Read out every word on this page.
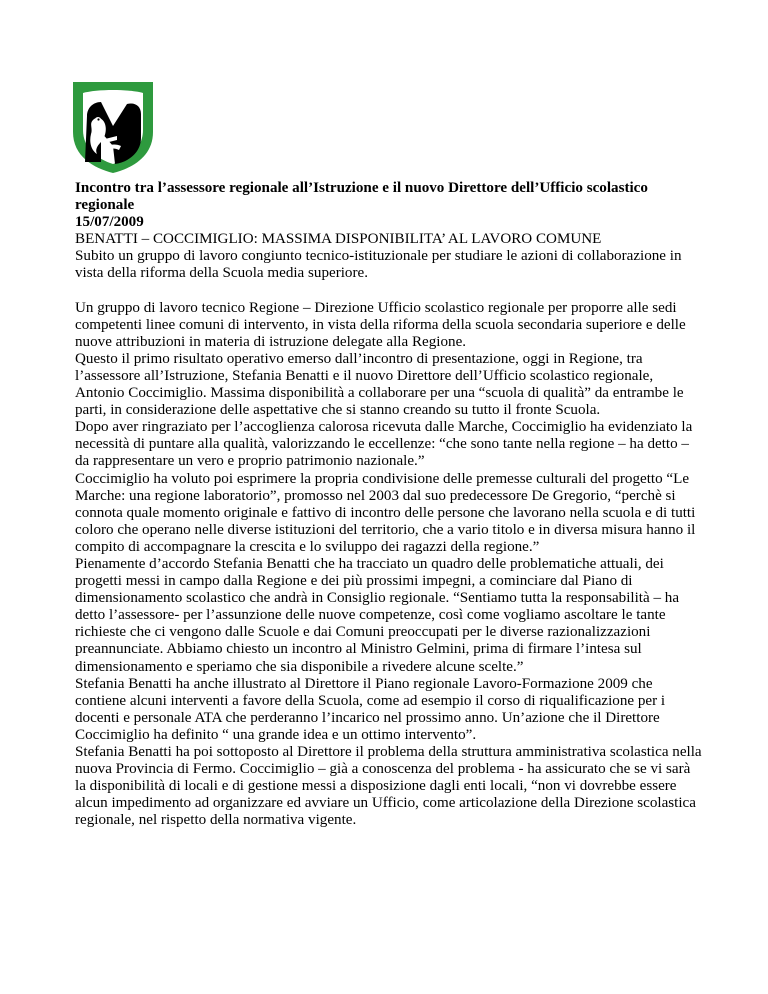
Incontro tra l’assessore regionale all’Istruzione e il nuovo Direttore dell’Ufficio scolastico regionale

15/07/2009

BENATTI – COCCIMIGLIO: MASSIMA DISPONIBILITA’ AL LAVORO COMUNE

Subito un gruppo di lavoro congiunto tecnico-istituzionale per studiare le azioni di collaborazione in vista della riforma della Scuola media superiore.

Un gruppo di lavoro tecnico Regione – Direzione Ufficio scolastico regionale per proporre alle sedi competenti linee comuni di intervento, in vista della riforma della scuola secondaria superiore e delle nuove attribuzioni in materia di istruzione delegate alla Regione.

Questo il primo risultato operativo emerso dall’incontro di presentazione, oggi in Regione, tra l’assessore all’Istruzione, Stefania Benatti e il nuovo Direttore dell’Ufficio scolastico regionale, Antonio Coccimiglio. Massima disponibilità a collaborare per una “scuola di qualità” da entrambe le parti, in considerazione delle aspettative che si stanno creando su tutto il fronte Scuola.

Dopo aver ringraziato per l’accoglienza calorosa ricevuta dalle Marche, Coccimiglio ha evidenziato la necessità di puntare alla qualità, valorizzando le eccellenze: “che sono tante nella regione – ha detto – da rappresentare un vero e proprio patrimonio nazionale.”

Coccimiglio ha voluto poi esprimere la propria condivisione delle premesse culturali del progetto “Le Marche: una regione laboratorio”, promosso nel 2003 dal suo predecessore De Gregorio, “perchè si connota quale momento originale e fattivo di incontro delle persone che lavorano nella scuola e di tutti coloro che operano nelle diverse istituzioni del territorio, che a vario titolo e in diversa misura hanno il compito di accompagnare la crescita e lo sviluppo dei ragazzi della regione.”

Pienamente d’accordo Stefania Benatti che ha tracciato un quadro delle problematiche attuali, dei progetti messi in campo dalla Regione e dei più prossimi impegni, a cominciare dal Piano di dimensionamento scolastico che andrà in Consiglio regionale. “Sentiamo tutta la responsabilità – ha detto l’assessore- per l’assunzione delle nuove competenze, così come vogliamo ascoltare le tante richieste che ci vengono dalle Scuole e dai Comuni preoccupati per le diverse razionalizzazioni preannunciate. Abbiamo chiesto un incontro al Ministro Gelmini, prima di firmare l’intesa sul dimensionamento e speriamo che sia disponibile a rivedere alcune scelte.”

Stefania Benatti ha anche illustrato al Direttore il Piano regionale Lavoro-Formazione 2009 che contiene alcuni interventi a favore della Scuola, come ad esempio il corso di riqualificazione per i docenti e personale ATA che perderanno l’incarico nel prossimo anno. Un’azione che il Direttore Coccimiglio ha definito “ una grande idea e un ottimo intervento”.

Stefania Benatti ha poi sottoposto al Direttore il problema della struttura amministrativa scolastica nella nuova Provincia di Fermo. Coccimiglio – già a conoscenza del problema - ha assicurato che se vi sarà la disponibilità di locali e di gestione messi a disposizione dagli enti locali, “non vi dovrebbe essere alcun impedimento ad organizzare ed avviare un Ufficio, come articolazione della Direzione scolastica regionale, nel rispetto della normativa vigente.
